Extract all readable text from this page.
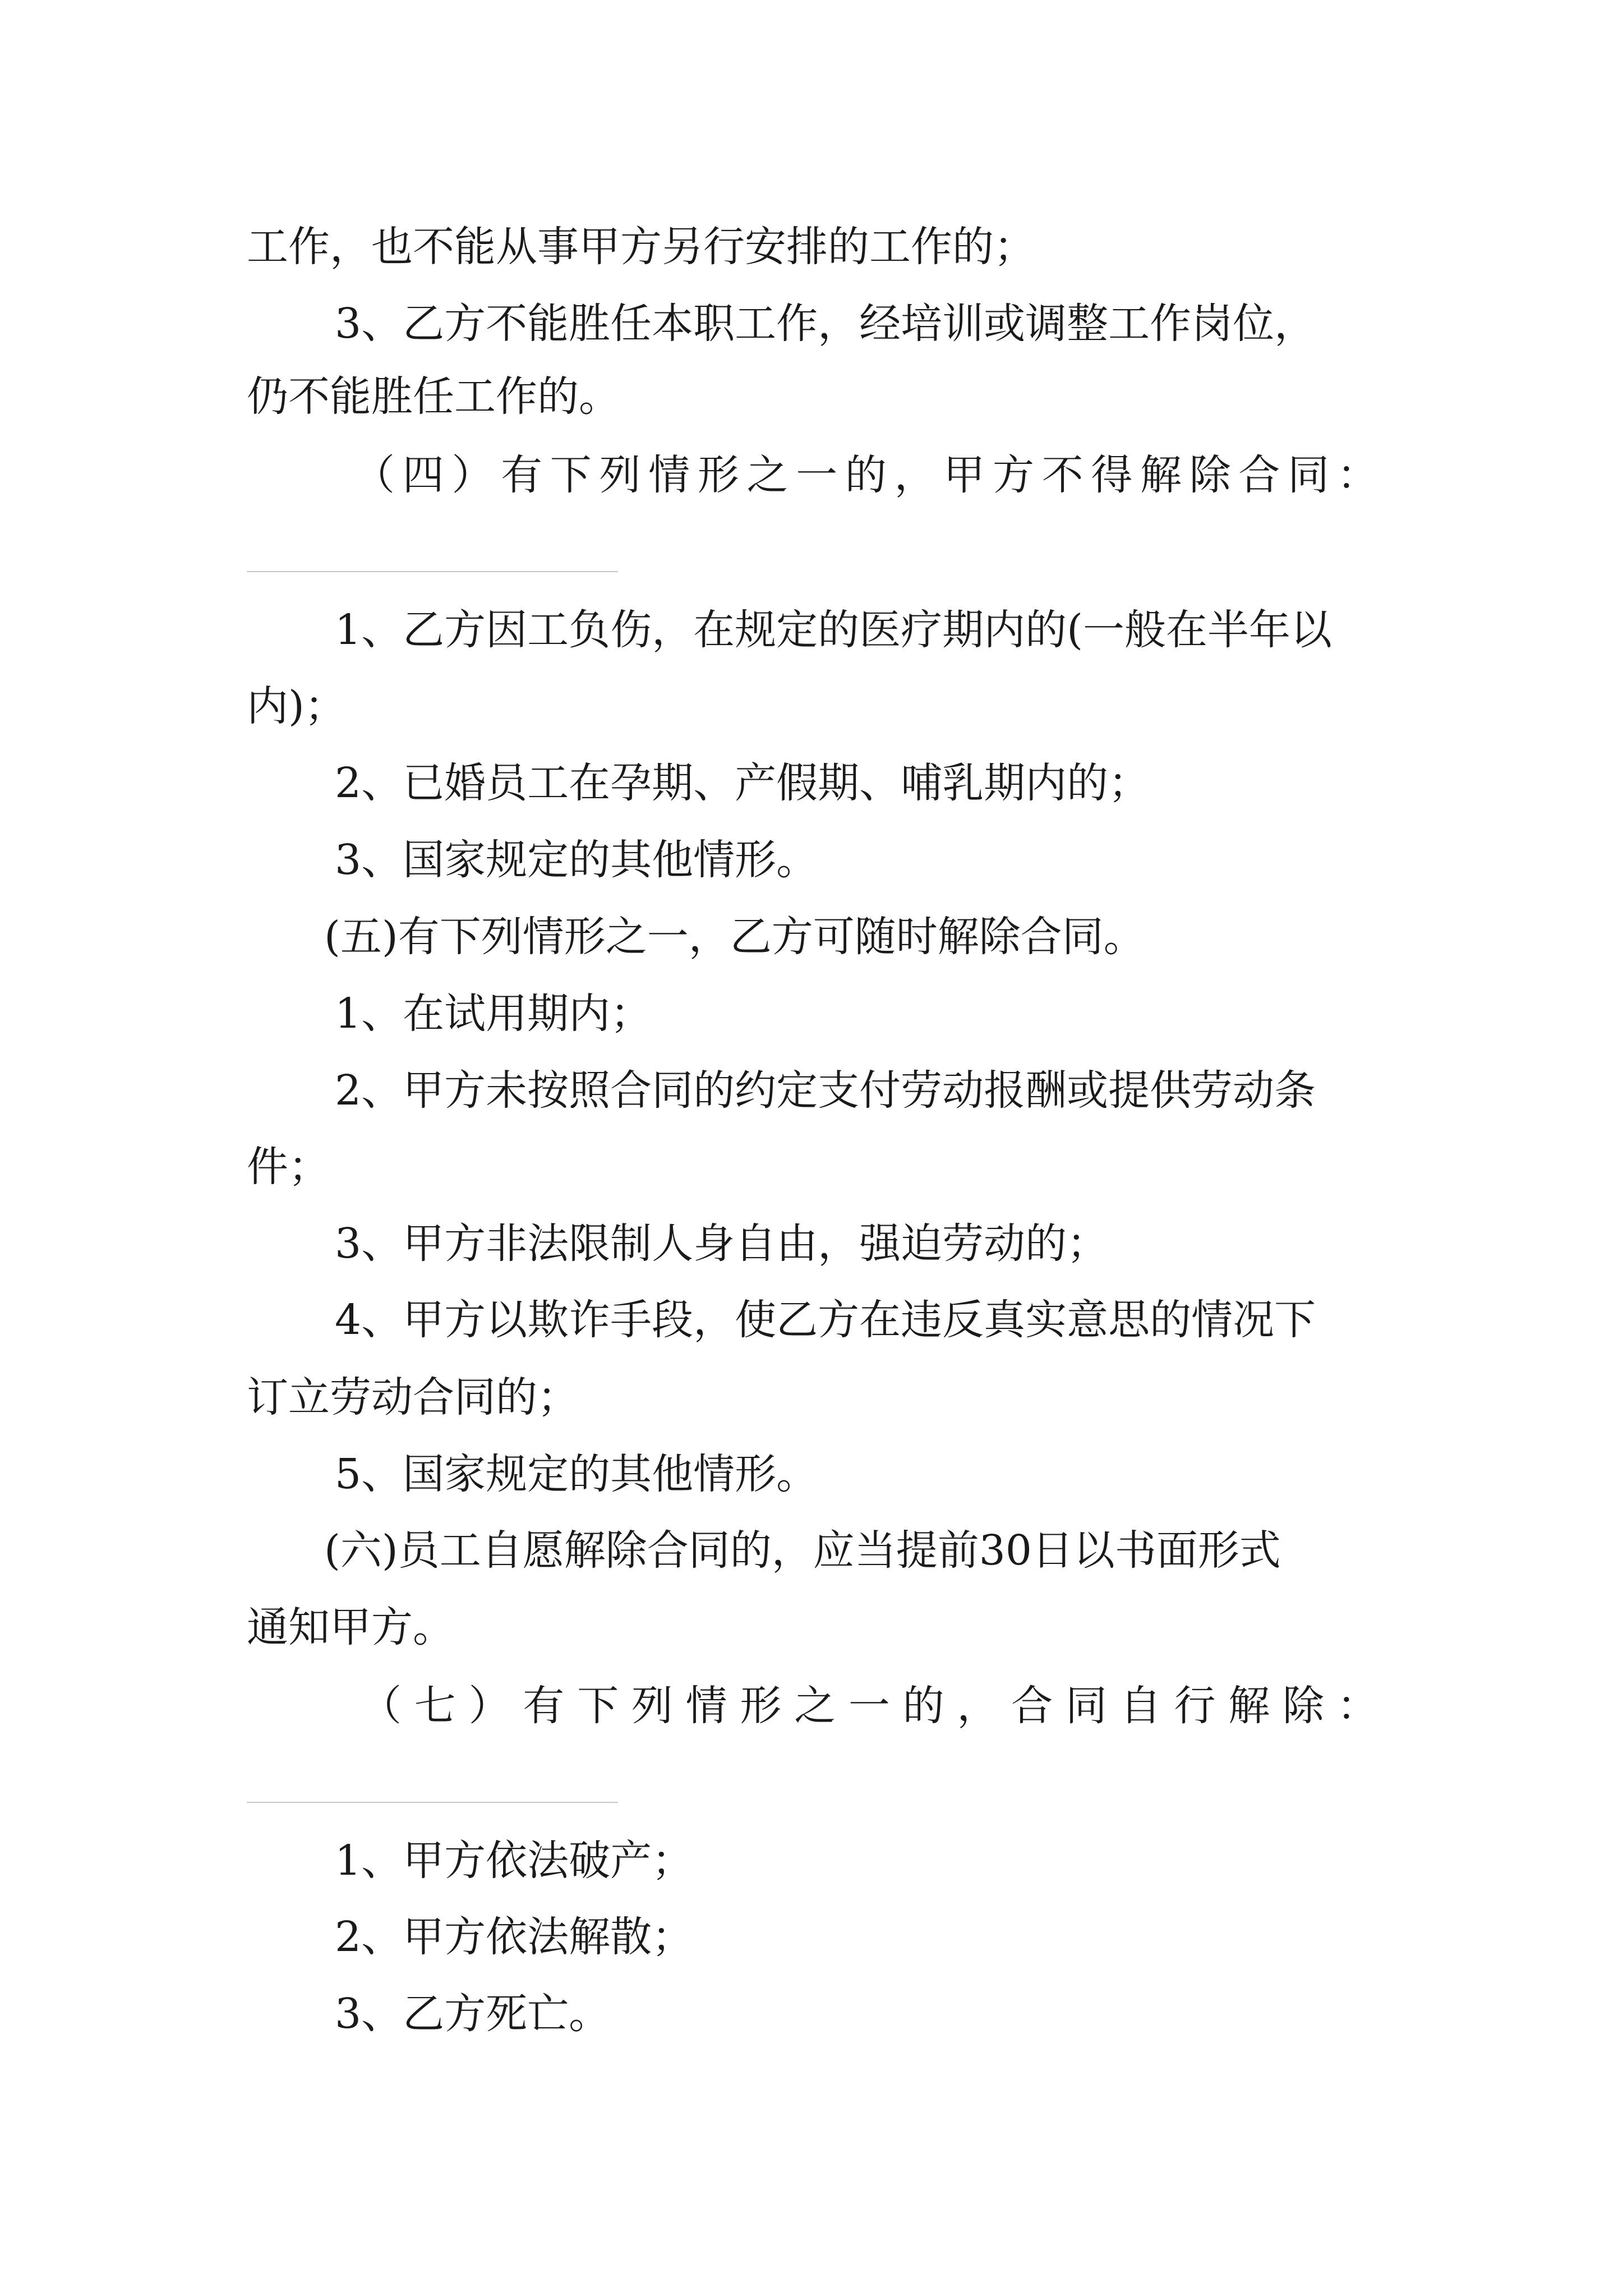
工作，也不能从事甲方另行安排的工作的；
3、乙方不能胜任本职工作，经培训或调整工作岗位，
仍不能胜任工作的。
（ 四 ） 有 下 列 情 形 之 一 的 ， 甲 方 不 得 解 除 合 同 ：
1、乙方因工负伤，在规定的医疗期内的(一般在半年以
内)；
2、已婚员工在孕期、产假期、哺乳期内的；
3、国家规定的其他情形。
(五)有下列情形之一，乙方可随时解除合同。
1、在试用期内；
2、甲方未按照合同的约定支付劳动报酬或提供劳动条
件；
3、甲方非法限制人身自由，强迫劳动的；
4、甲方以欺诈手段，使乙方在违反真实意思的情况下
订立劳动合同的；
5、国家规定的其他情形。
(六)员工自愿解除合同的，应当提前30日以书面形式
通知甲方。
（ 七 ） 有 下 列 情 形 之 一 的 ， 合 同 自 行 解 除 ：
1、甲方依法破产；
2、甲方依法解散；
3、乙方死亡。
